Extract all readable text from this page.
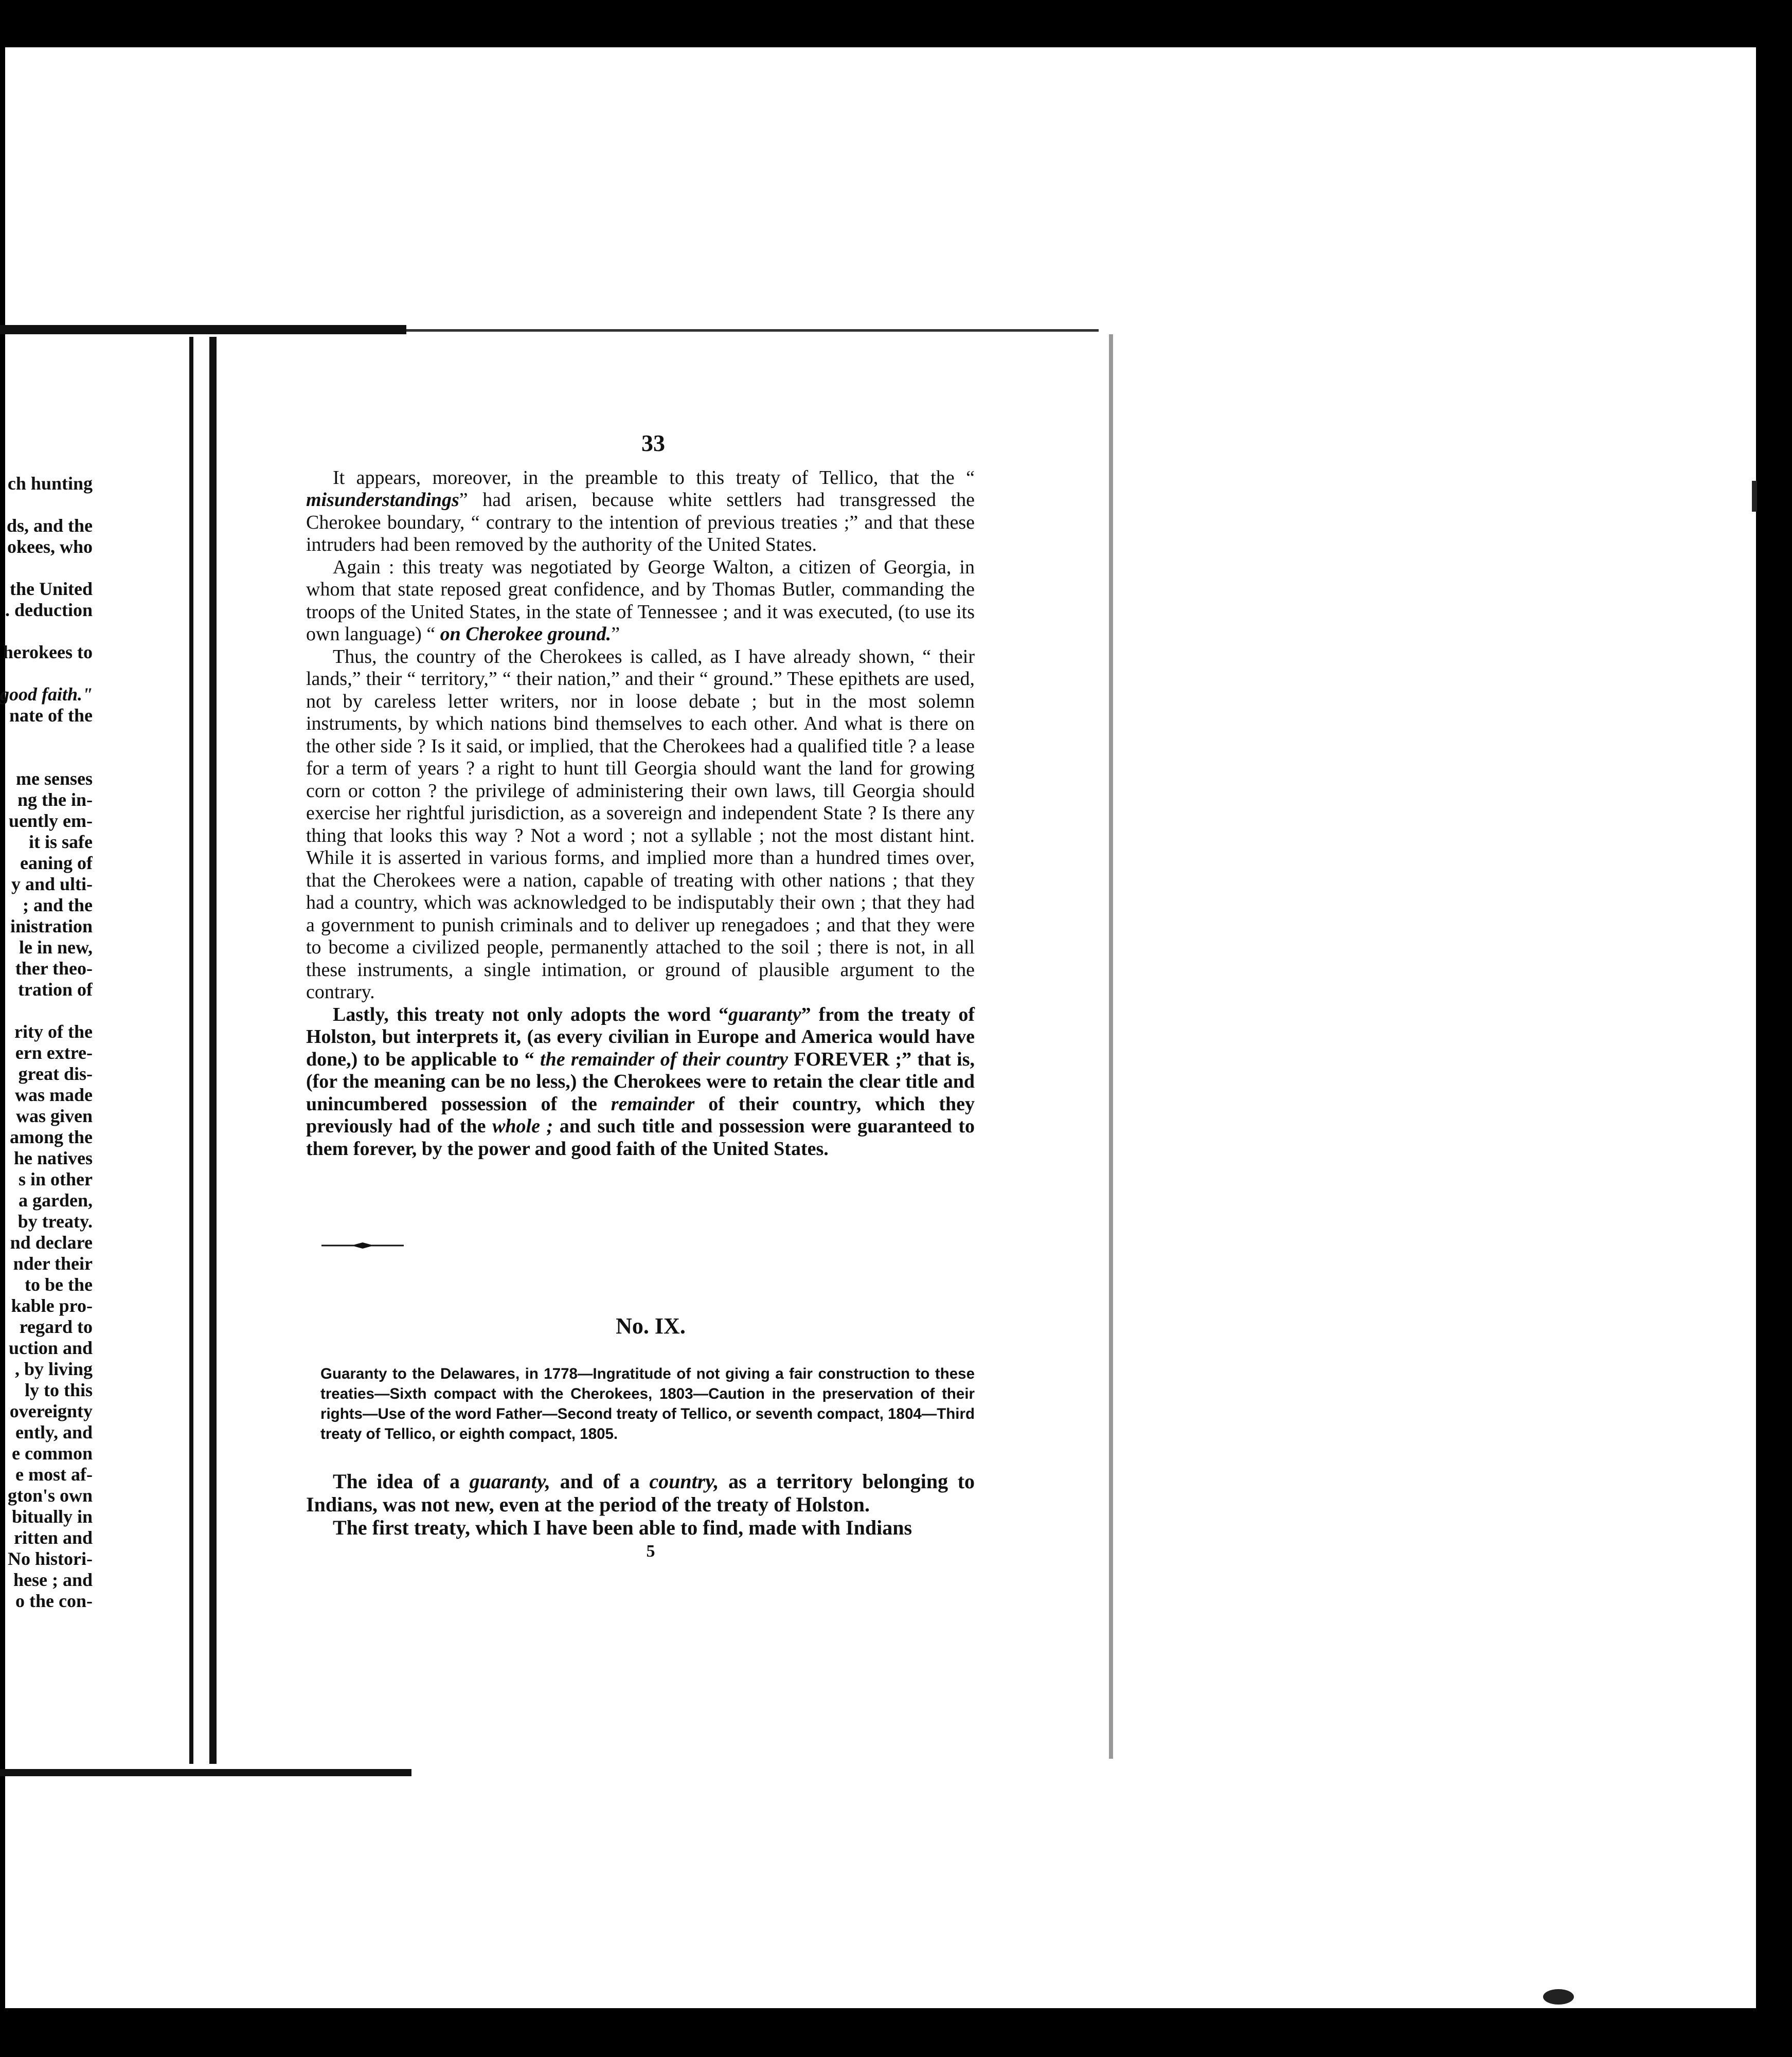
ch hunting
ds, and the
okees, who
the United
. deduction
herokees to
good faith."
nate of the
me senses
ng the in-
uently em-
it is safe
eaning of
y and ulti-
; and the
inistration
le in new,
ther theo-
tration of
rity of the
ern extre-
great dis-
was made
was given
among the
he natives
s in other
a garden,
by treaty.
nd declare
nder their
to be the
kable pro-
regard to
uction and
, by living
ly to this
overeignty
ently, and
e common
e most af-
gton's own
bitually in
ritten and
No histori-
hese ; and
o the con-
33

It appears, moreover, in the preamble to this treaty of Tellico, that the “ misunderstandings” had arisen, because white settlers had transgressed the Cherokee boundary, “ contrary to the intention of previous treaties ;” and that these intruders had been removed by the authority of the United States.

Again : this treaty was negotiated by George Walton, a citizen of Georgia, in whom that state reposed great confidence, and by Thomas Butler, commanding the troops of the United States, in the state of Tennessee ; and it was executed, (to use its own language) “ on Cherokee ground.”

Thus, the country of the Cherokees is called, as I have already shown, “ their lands,” their “ territory,” “ their nation,” and their “ ground.” These epithets are used, not by careless letter writers, nor in loose debate ; but in the most solemn instruments, by which nations bind themselves to each other. And what is there on the other side ? Is it said, or implied, that the Cherokees had a qualified title ? a lease for a term of years ? a right to hunt till Georgia should want the land for growing corn or cotton ? the privilege of administering their own laws, till Georgia should exercise her rightful jurisdiction, as a sovereign and independent State ? Is there any thing that looks this way ? Not a word ; not a syllable ; not the most distant hint. While it is asserted in various forms, and implied more than a hundred times over, that the Cherokees were a nation, capable of treating with other nations ; that they had a country, which was acknowledged to be indisputably their own ; that they had a government to punish criminals and to deliver up renegadoes ; and that they were to become a civilized people, permanently attached to the soil ; there is not, in all these instruments, a single intimation, or ground of plausible argument to the contrary.

Lastly, this treaty not only adopts the word “guaranty” from the treaty of Holston, but interprets it, (as every civilian in Europe and America would have done,) to be applicable to “ the remainder of their country FOREVER ;” that is, (for the meaning can be no less,) the Cherokees were to retain the clear title and unincumbered possession of the remainder of their country, which they previously had of the whole ; and such title and possession were guaranteed to them forever, by the power and good faith of the United States.

No. IX.
Guaranty to the Delawares, in 1778—Ingratitude of not giving a fair construction to these treaties—Sixth compact with the Cherokees, 1803—Caution in the preservation of their rights—Use of the word Father—Second treaty of Tellico, or seventh compact, 1804—Third treaty of Tellico, or eighth compact, 1805.

The idea of a guaranty, and of a country, as a territory belonging to Indians, was not new, even at the period of the treaty of Holston.

The first treaty, which I have been able to find, made with Indians

5
